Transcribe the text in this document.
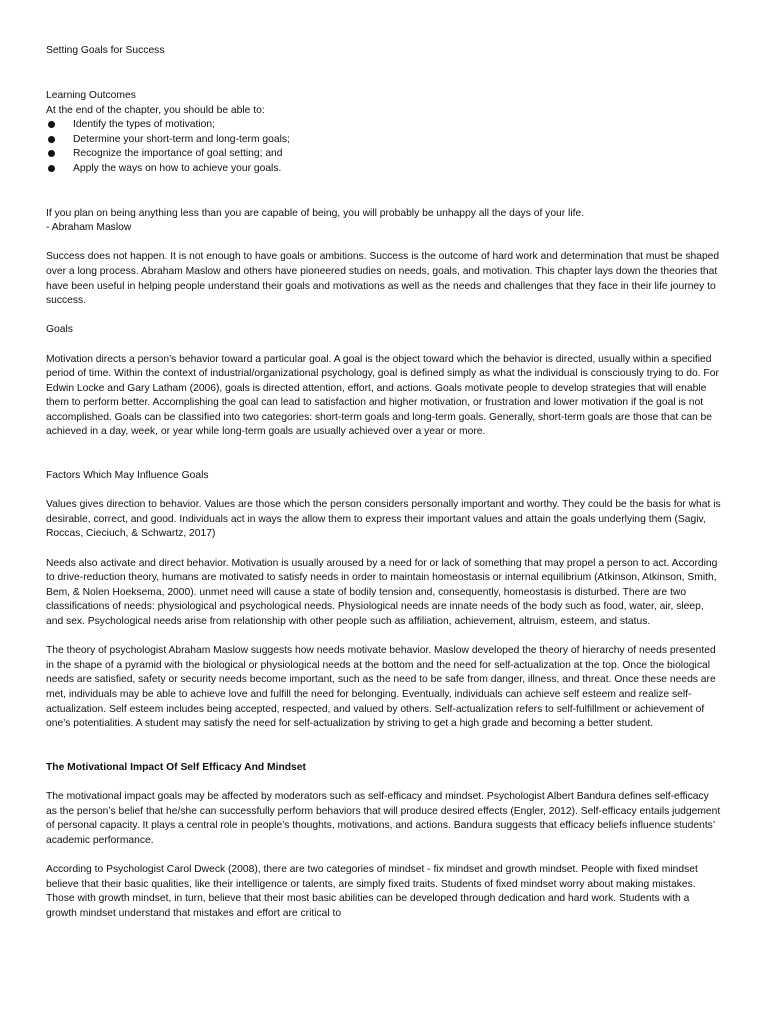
Setting Goals for Success

Learning Outcomes

At the end of the chapter, you should be able to:

Identify the types of motivation;
Determine your short-term and long-term goals;
Recognize the importance of goal setting; and
Apply the ways on how to achieve your goals.

If you plan on being anything less than you are capable of being, you will probably be unhappy all the days of your life.

- Abraham Maslow

Success does not happen. It is not enough to have goals or ambitions. Success is the outcome of hard work and determination that must be shaped over a long process. Abraham Maslow and others have pioneered studies on needs, goals, and motivation. This chapter lays down the theories that have been useful in helping people understand their goals and motivations as well as the needs and challenges that they face in their life journey to success.

Goals

Motivation directs a person’s behavior toward a particular goal. A goal is the object toward which the behavior is directed, usually within a specified period of time. Within the context of industrial/organizational psychology, goal is defined simply as what the individual is consciously trying to do. For Edwin Locke and Gary Latham (2006), goals is directed attention, effort, and actions. Goals motivate people to develop strategies that will enable them to perform better. Accomplishing the goal can lead to satisfaction and higher motivation, or frustration and lower motivation if the goal is not accomplished. Goals can be classified into two categories: short-term goals and long-term goals. Generally, short-term goals are those that can be achieved in a day, week, or year while long-term goals are usually achieved over a year or more.

Factors Which May Influence Goals

Values gives direction to behavior. Values are those which the person considers personally important and worthy. They could be the basis for what is desirable, correct, and good. Individuals act in ways the allow them to express their important values and attain the goals underlying them (Sagiv, Roccas, Cieciuch, & Schwartz, 2017)

Needs also activate and direct behavior. Motivation is usually aroused by a need for or lack of something that may propel a person to act. According to drive-reduction theory, humans are motivated to satisfy needs in order to maintain homeostasis or internal equilibrium (Atkinson, Atkinson, Smith, Bem, & Nolen Hoeksema, 2000). unmet need will cause a state of bodily tension and, consequently, homeostasis is disturbed. There are two classifications of needs: physiological and psychological needs. Physiological needs are innate needs of the body such as food, water, air, sleep, and sex. Psychological needs arise from relationship with other people such as affiliation, achievement, altruism, esteem, and status.

The theory of psychologist Abraham Maslow suggests how needs motivate behavior. Maslow developed the theory of hierarchy of needs presented in the shape of a pyramid with the biological or physiological needs at the bottom and the need for self-actualization at the top. Once the biological needs are satisfied, safety or security needs become important, such as the need to be safe from danger, illness, and threat. Once these needs are met, individuals may be able to achieve love and fulfill the need for belonging. Eventually, individuals can achieve self esteem and realize self-actualization. Self esteem includes being accepted, respected, and valued by others. Self-actualization refers to self-fulfillment or achievement of one’s potentialities. A student may satisfy the need for self-actualization by striving to get a high grade and becoming a better student.

The Motivational Impact Of Self Efficacy And Mindset

The motivational impact goals may be affected by moderators such as self-efficacy and mindset. Psychologist Albert Bandura defines self-efficacy as the person’s belief that he/she can successfully perform behaviors that will produce desired effects (Engler, 2012). Self-efficacy entails judgement of personal capacity. It plays a central role in people’s thoughts, motivations, and actions. Bandura suggests that efficacy beliefs influence students’ academic performance.

According to Psychologist Carol Dweck (2008), there are two categories of mindset - fix mindset and growth mindset. People with fixed mindset believe that their basic qualities, like their intelligence or talents, are simply fixed traits. Students of fixed mindset worry about making mistakes. Those with growth mindset, in turn, believe that their most basic abilities can be developed through dedication and hard work. Students with a growth mindset understand that mistakes and effort are critical to
